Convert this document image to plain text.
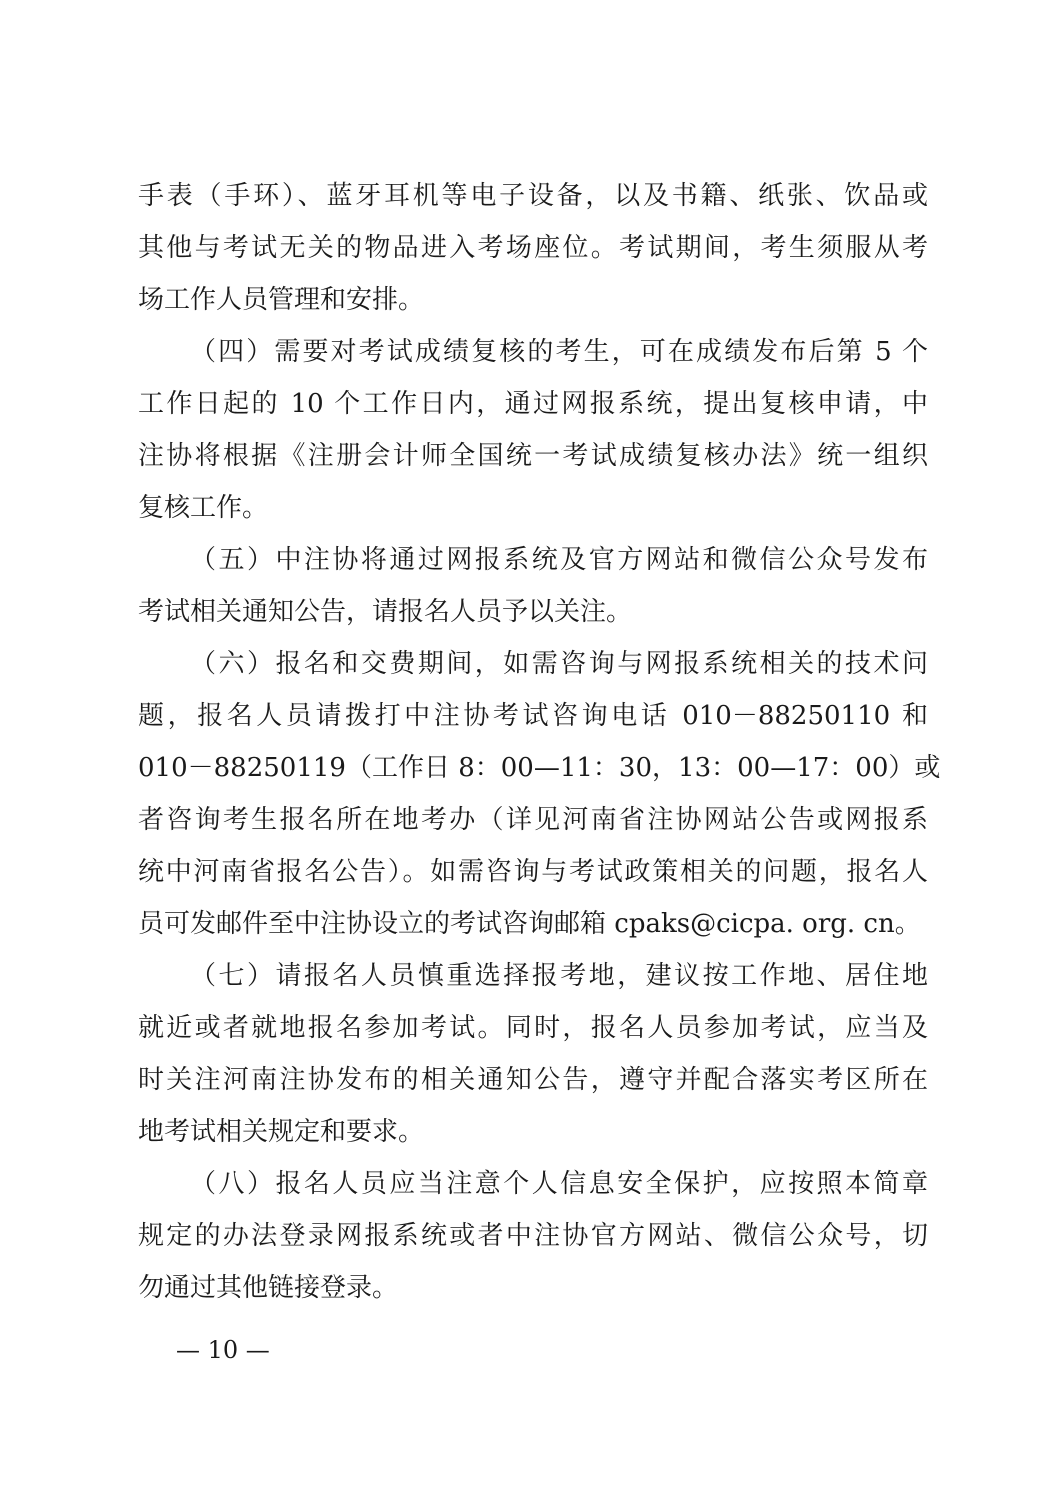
手表（手环）、蓝牙耳机等电子设备，以及书籍、纸张、饮品或
其他与考试无关的物品进入考场座位。考试期间，考生须服从考
场工作人员管理和安排。
（四）需要对考试成绩复核的考生，可在成绩发布后第 5 个
工作日起的 10 个工作日内，通过网报系统，提出复核申请，中
注协将根据《注册会计师全国统一考试成绩复核办法》统一组织
复核工作。
（五）中注协将通过网报系统及官方网站和微信公众号发布
考试相关通知公告，请报名人员予以关注。
（六）报名和交费期间，如需咨询与网报系统相关的技术问
题，报名人员请拨打中注协考试咨询电话 010－88250110 和
010－88250119（工作日 8：00—11：30，13：00—17：00）或
者咨询考生报名所在地考办（详见河南省注协网站公告或网报系
统中河南省报名公告）。如需咨询与考试政策相关的问题，报名人
员可发邮件至中注协设立的考试咨询邮箱 cpaks@cicpa. org. cn。
（七）请报名人员慎重选择报考地，建议按工作地、居住地
就近或者就地报名参加考试。同时，报名人员参加考试，应当及
时关注河南注协发布的相关通知公告，遵守并配合落实考区所在
地考试相关规定和要求。
（八）报名人员应当注意个人信息安全保护，应按照本简章
规定的办法登录网报系统或者中注协官方网站、微信公众号，切
勿通过其他链接登录。
— 10 —
